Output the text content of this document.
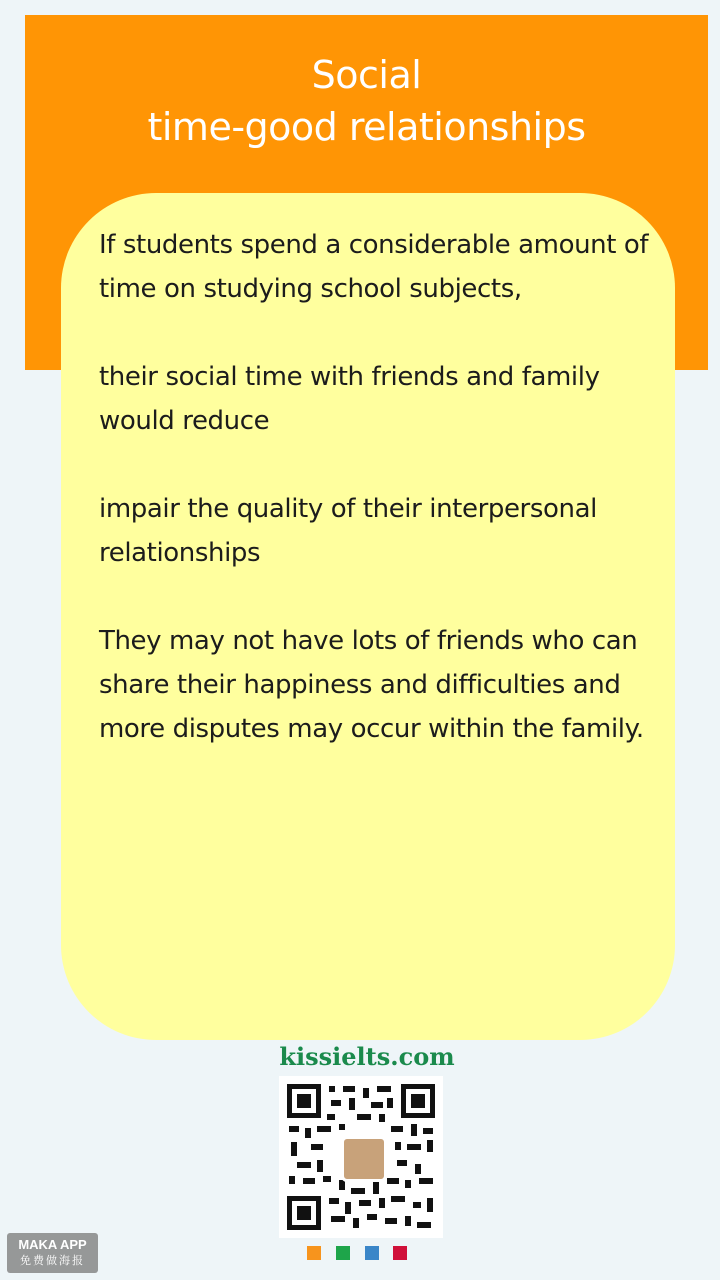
Social
time-good relationships

If students spend a considerable amount of time on studying school subjects,

their social time with friends and family would reduce

impair the quality of their interpersonal relationships

They may not have lots of friends who can share their happiness and difficulties and more disputes may occur within the family.

kissielts.com
MAKA APP
免费做海报
